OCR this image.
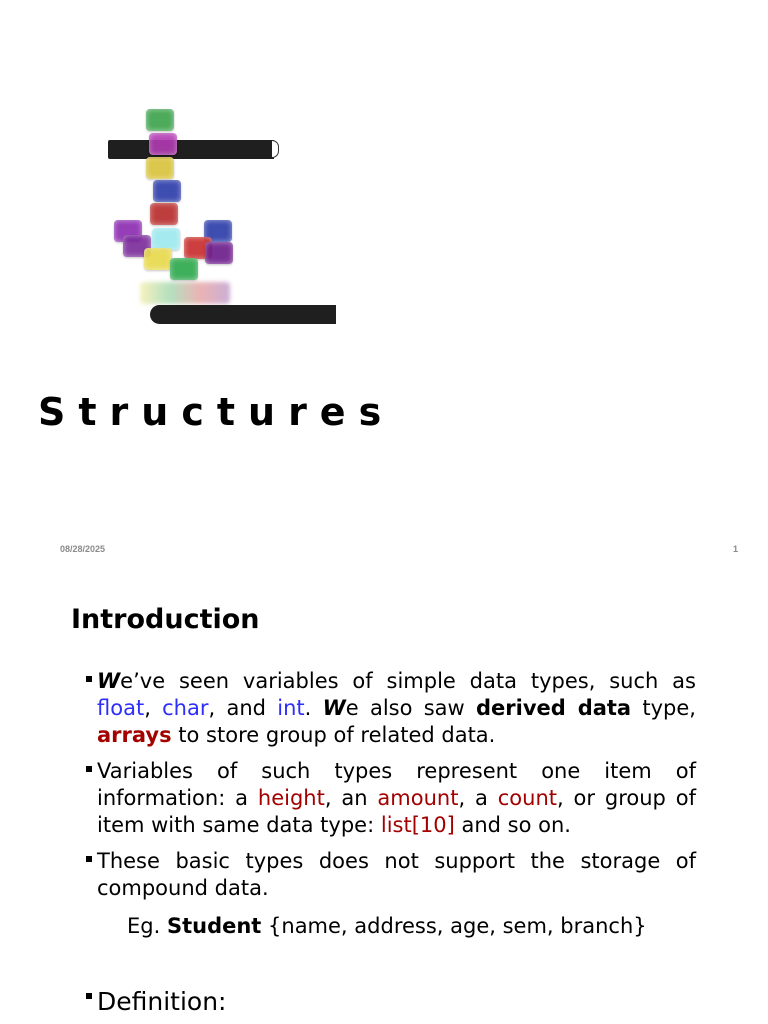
Structures
08/28/2025	1
Introduction
We’ve seen variables of simple data types, such as float, char, and int. We also saw derived data type, arrays to store group of related data.
Variables of such types represent one item of information: a height, an amount, a count, or group of item with same data type: list[10] and so on.
These basic types does not support the storage of compound data.
Eg. Student {name, address, age, sem, branch}
Definition:
